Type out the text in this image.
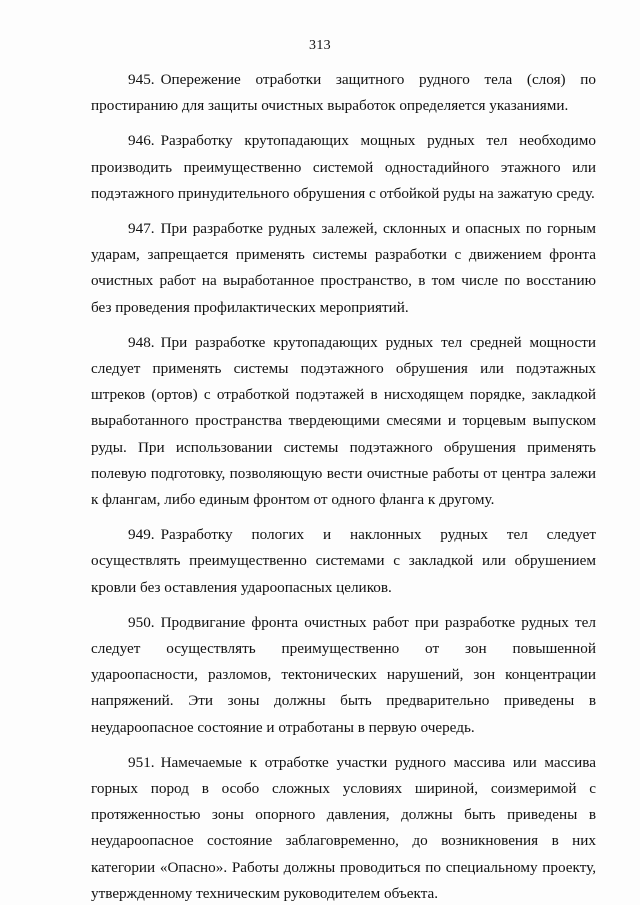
313

945. Опережение отработки защитного рудного тела (слоя) по простиранию для защиты очистных выработок определяется указаниями.

946. Разработку крутопадающих мощных рудных тел необходимо производить преимущественно системой одностадийного этажного или подэтажного принудительного обрушения с отбойкой руды на зажатую среду.

947. При разработке рудных залежей, склонных и опасных по горным ударам, запрещается применять системы разработки с движением фронта очистных работ на выработанное пространство, в том числе по восстанию без проведения профилактических мероприятий.

948. При разработке крутопадающих рудных тел средней мощности следует применять системы подэтажного обрушения или подэтажных штреков (ортов) с отработкой подэтажей в нисходящем порядке, закладкой выработанного пространства твердеющими смесями и торцевым выпуском руды. При использовании системы подэтажного обрушения применять полевую подготовку, позволяющую вести очистные работы от центра залежи к флангам, либо единым фронтом от одного фланга к другому.

949. Разработку пологих и наклонных рудных тел следует осуществлять преимущественно системами с закладкой или обрушением кровли без оставления удароопасных целиков.

950. Продвигание фронта очистных работ при разработке рудных тел следует осуществлять преимущественно от зон повышенной удароопасности, разломов, тектонических нарушений, зон концентрации напряжений. Эти зоны должны быть предварительно приведены в неудароопасное состояние и отработаны в первую очередь.

951. Намечаемые к отработке участки рудного массива или массива горных пород в особо сложных условиях шириной, соизмеримой с протяженностью зоны опорного давления, должны быть приведены в неудароопасное состояние заблаговременно, до возникновения в них категории «Опасно». Работы должны проводиться по специальному проекту, утвержденному техническим руководителем объекта.
